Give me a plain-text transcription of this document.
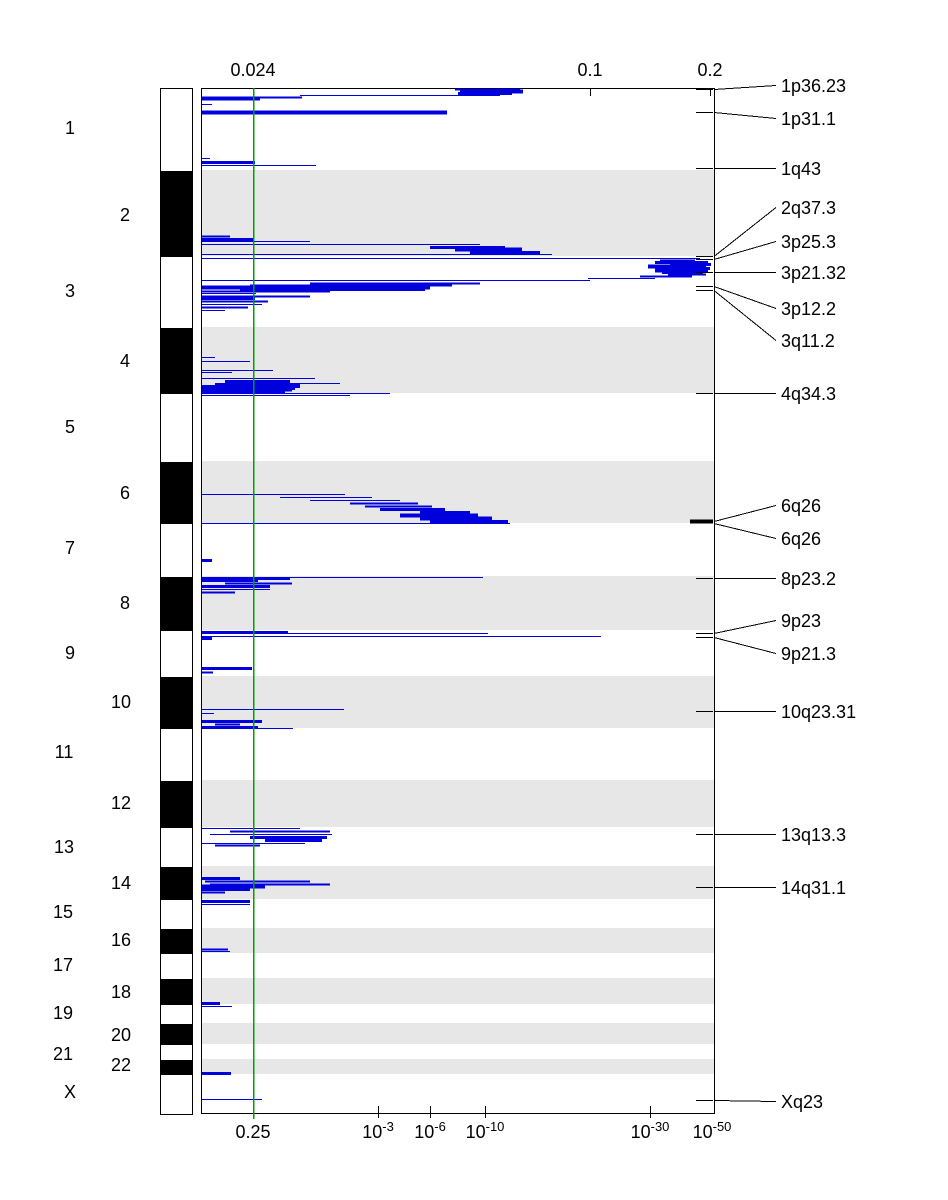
1
2
3
4
5
6
7
8
9
10
11
12
13
14
15
16
17
18
19
20
21
22
X
0.024	0.1	0.2
0.25	$10^{-3}$ $10^{-6}$ $10^{-10}$	$10^{-30}$ $10^{-50}$
1p36.23
1p31.1
1q43
2q37.3
3p25.3
3p21.32
3p12.2
3q11.2
4q34.3
6q26
6q26
8p23.2
9p23
9p21.3
10q23.31
13q13.3
14q31.1
Xq23
